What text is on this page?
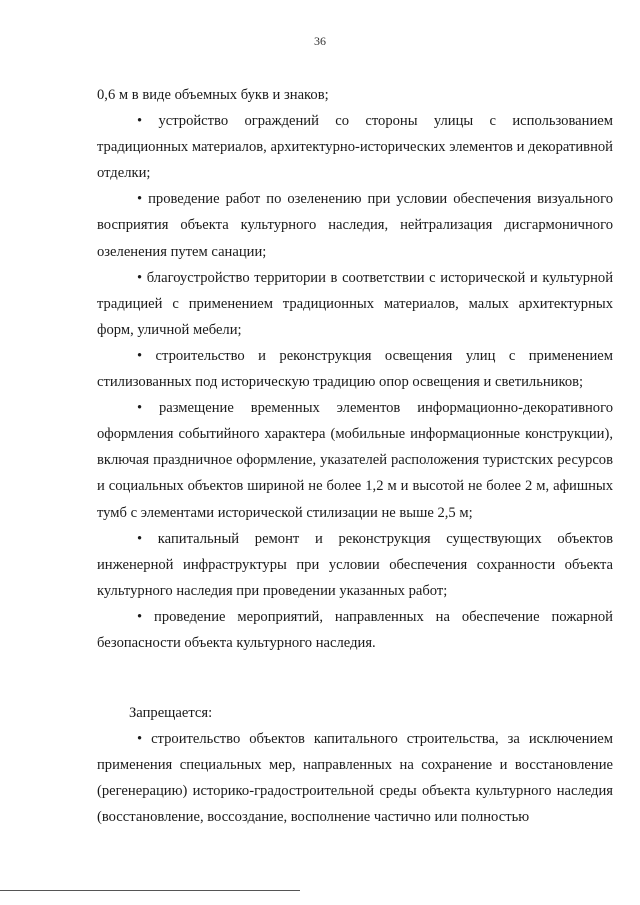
36

0,6 м в виде объемных букв и знаков;

• устройство ограждений со стороны улицы с использованием традиционных материалов, архитектурно-исторических элементов и декоративной отделки;

• проведение работ по озеленению при условии обеспечения визуального восприятия объекта культурного наследия, нейтрализация дисгармоничного озеленения путем санации;

• благоустройство территории в соответствии с исторической и культурной традицией с применением традиционных материалов, малых архитектурных форм, уличной мебели;

• строительство и реконструкция освещения улиц с применением стилизованных под историческую традицию опор освещения и светильников;

• размещение временных элементов информационно-декоративного оформления событийного характера (мобильные информационные конструкции), включая праздничное оформление, указателей расположения туристских ресурсов и социальных объектов шириной не более 1,2 м и высотой не более 2 м, афишных тумб с элементами исторической стилизации не выше 2,5 м;

• капитальный ремонт и реконструкция существующих объектов инженерной инфраструктуры при условии обеспечения сохранности объекта культурного наследия при проведении указанных работ;

• проведение мероприятий, направленных на обеспечение пожарной безопасности объекта культурного наследия.

Запрещается:

• строительство объектов капитального строительства, за исключением применения специальных мер, направленных на сохранение и восстановление (регенерацию) историко-градостроительной среды объекта культурного наследия (восстановление, воссоздание, восполнение частично или полностью
